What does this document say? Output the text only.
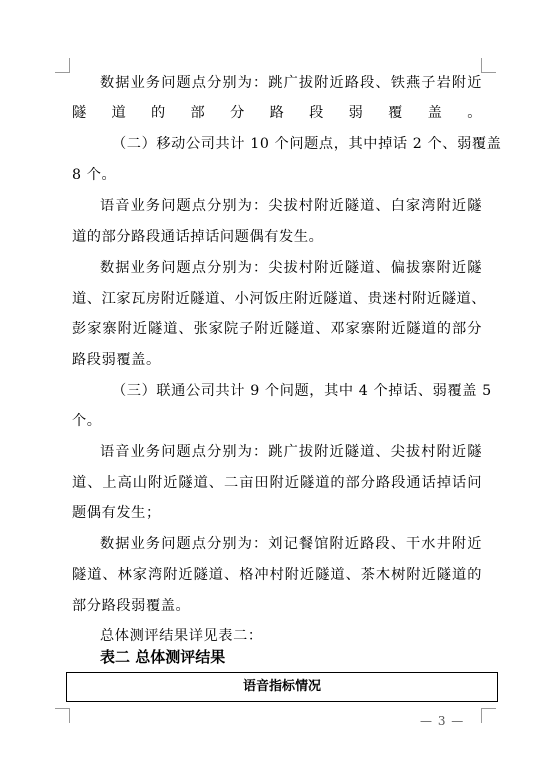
数据业务问题点分别为：跳广拔附近路段、铁燕子岩附近
隧道的部分路段弱覆盖。
（二）移动公司共计 10 个问题点，其中掉话 2 个、弱覆盖
8 个。
语音业务问题点分别为：尖拔村附近隧道、白家湾附近隧
道的部分路段通话掉话问题偶有发生。
数据业务问题点分别为：尖拔村附近隧道、偏拔寨附近隧
道、江家瓦房附近隧道、小河饭庄附近隧道、贵迷村附近隧道、
彭家寨附近隧道、张家院子附近隧道、邓家寨附近隧道的部分
路段弱覆盖。
（三）联通公司共计 9 个问题，其中 4 个掉话、弱覆盖 5
个。
语音业务问题点分别为：跳广拔附近隧道、尖拔村附近隧
道、上高山附近隧道、二亩田附近隧道的部分路段通话掉话问
题偶有发生；
数据业务问题点分别为：刘记餐馆附近路段、干水井附近
隧道、林家湾附近隧道、格冲村附近隧道、茶木树附近隧道的
部分路段弱覆盖。
总体测评结果详见表二：
表二 总体测评结果
语音指标情况
— 3 —
